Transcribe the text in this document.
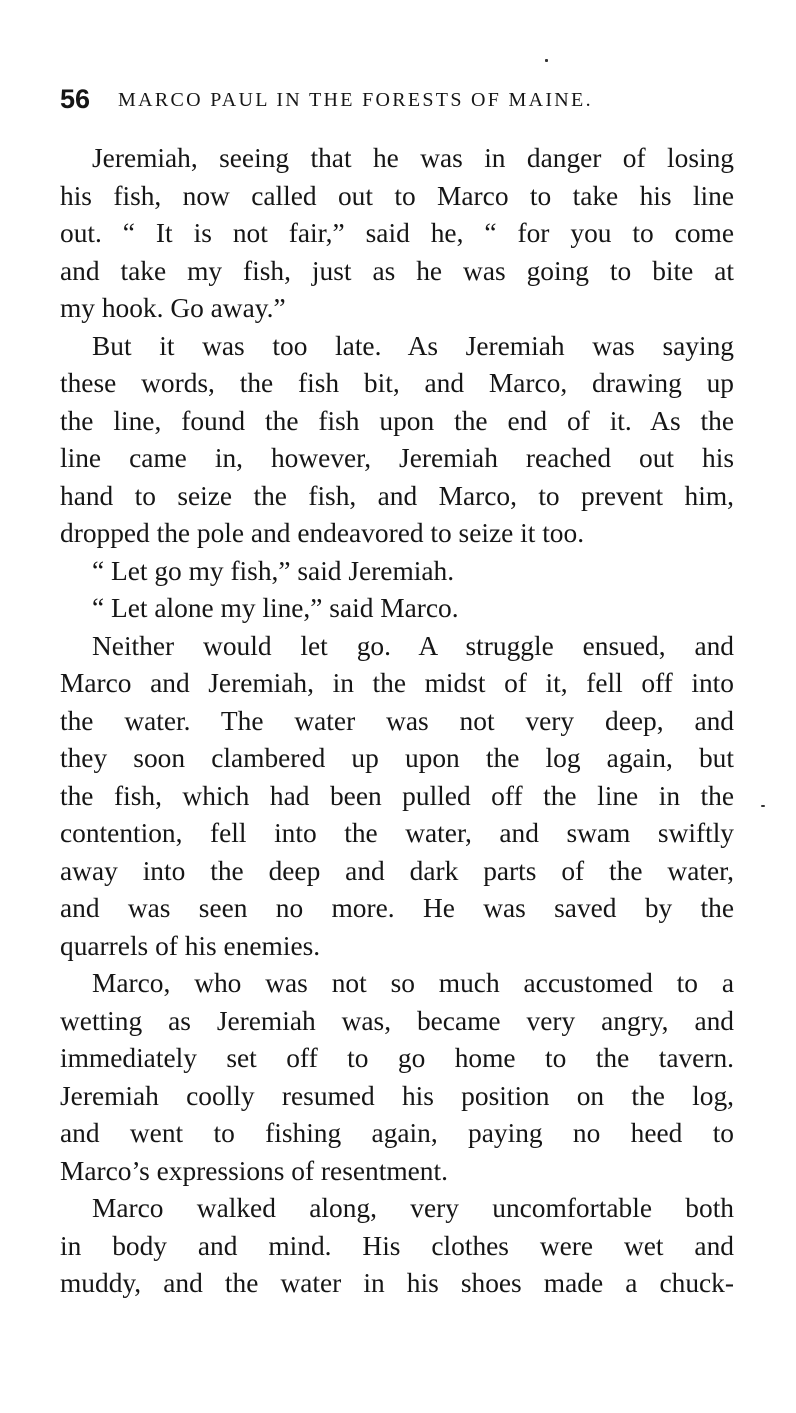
56 MARCO PAUL IN THE FORESTS OF MAINE.
Jeremiah, seeing that he was in danger of losing
his fish, now called out to Marco to take his line
out. “ It is not fair,” said he, “ for you to come
and take my fish, just as he was going to bite at
my hook. Go away.”
But it was too late. As Jeremiah was saying
these words, the fish bit, and Marco, drawing up
the line, found the fish upon the end of it. As the
line came in, however, Jeremiah reached out his
hand to seize the fish, and Marco, to prevent him,
dropped the pole and endeavored to seize it too.
“ Let go my fish,” said Jeremiah.
“ Let alone my line,” said Marco.
Neither would let go. A struggle ensued, and
Marco and Jeremiah, in the midst of it, fell off into
the water. The water was not very deep, and
they soon clambered up upon the log again, but
the fish, which had been pulled off the line in the
contention, fell into the water, and swam swiftly
away into the deep and dark parts of the water,
and was seen no more. He was saved by the
quarrels of his enemies.
Marco, who was not so much accustomed to a
wetting as Jeremiah was, became very angry, and
immediately set off to go home to the tavern.
Jeremiah coolly resumed his position on the log,
and went to fishing again, paying no heed to
Marco’s expressions of resentment.
Marco walked along, very uncomfortable both
in body and mind. His clothes were wet and
muddy, and the water in his shoes made a chuck-
